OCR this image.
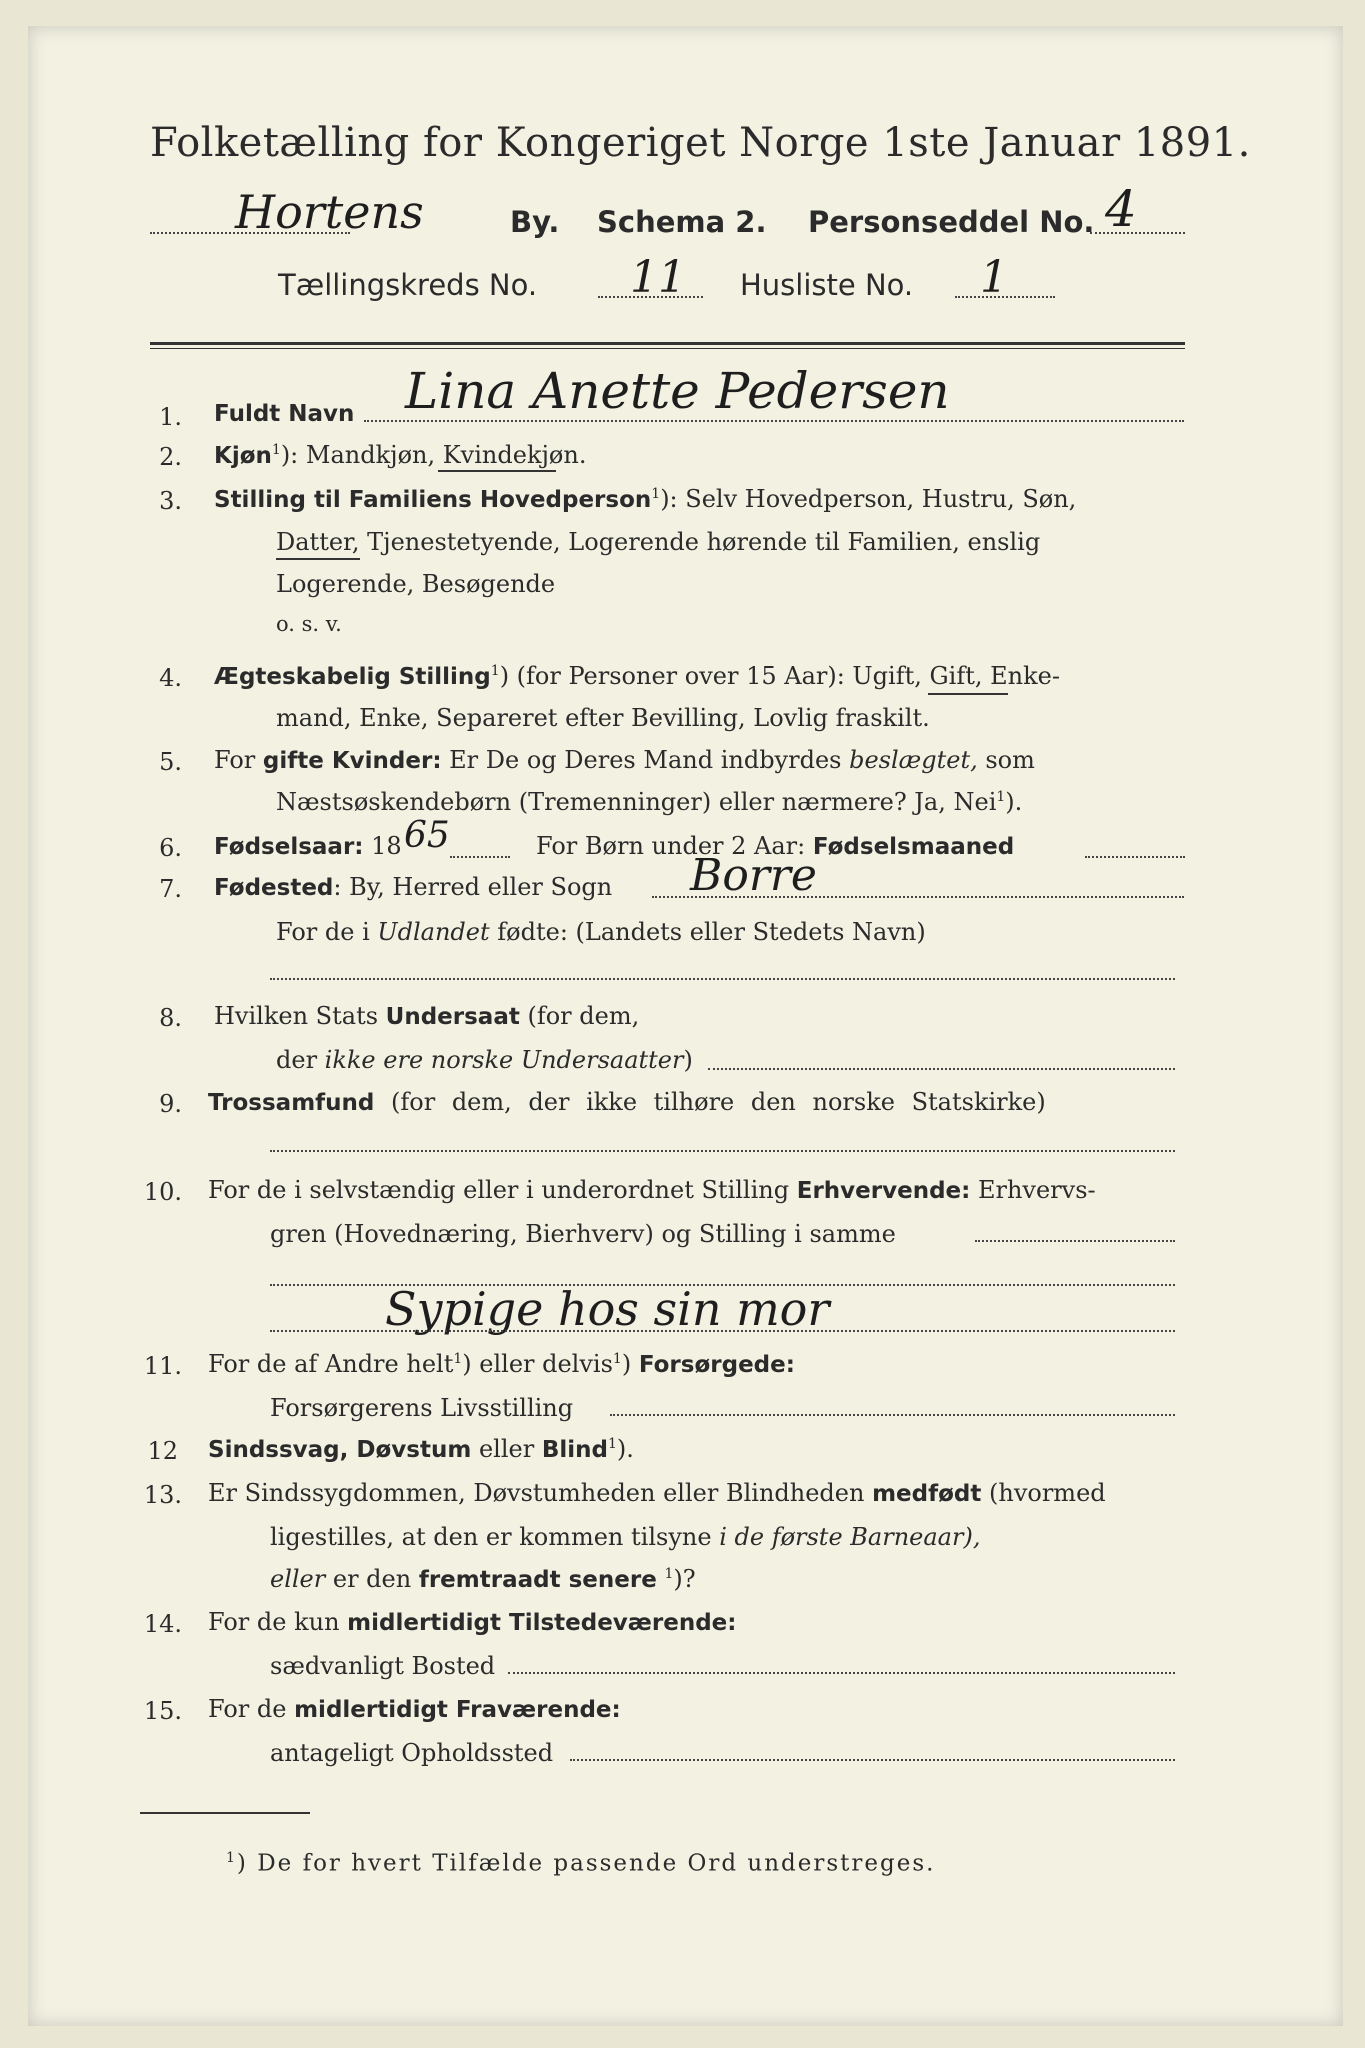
Folketælling for Kongeriget Norge 1ste Januar 1891.
Hortens	By. Schema 2. Personseddel No. 4
Tællingskreds No. 11 Husliste No. 1
1. Fuldt Navn Lina Anette Pedersen
2. Kjøn$^1$): Mandkjøn, Kvindekjøn.
3. Stilling til Familiens Hovedperson$^1$): Selv Hovedperson, Hustru, Søn,
Datter, Tjenestetyende, Logerende hørende til Familien, enslig
Logerende, Besøgende
o. s. v.
4. Ægteskabelig Stilling$^1$) (for Personer over 15 Aar): Ugift, Gift, Enke-
mand, Enke, Separeret efter Bevilling, Lovlig fraskilt.
5. For gifte Kvinder: Er De og Deres Mand indbyrdes beslægtet, som
Næstsøskendebørn (Tremenninger) eller nærmere? Ja, Nei$^1$).
6. Fødselsaar: 18 65	For Børn under 2 Aar: Fødselsmaaned
7. Fødested: By, Herred eller Sogn Borre
For de i Udlandet fødte: (Landets eller Stedets Navn)
8. Hvilken Stats Undersaat (for dem,
der ikke ere norske Undersaatter)
9. Trossamfund (for dem, der ikke tilhøre den norske Statskirke)
10. For de i selvstændig eller i underordnet Stilling Erhvervende: Erhvervs-
gren (Hovednæring, Bierhverv) og Stilling i samme
Sypige hos sin mor
11. For de af Andre helt$^1$) eller delvis$^1$) Forsørgede:
Forsørgerens Livsstilling
12 Sindssvag, Døvstum eller Blind$^1$).
13. Er Sindssygdommen, Døvstumheden eller Blindheden medfødt (hvormed
ligestilles, at den er kommen tilsyne i de første Barneaar),
eller er den fremtraadt senere $^1$)?
14. For de kun midlertidigt Tilstedeværende:
sædvanligt Bosted
15. For de midlertidigt Fraværende:
antageligt Opholdssted
$^1$) De for hvert Tilfælde passende Ord understreges.
